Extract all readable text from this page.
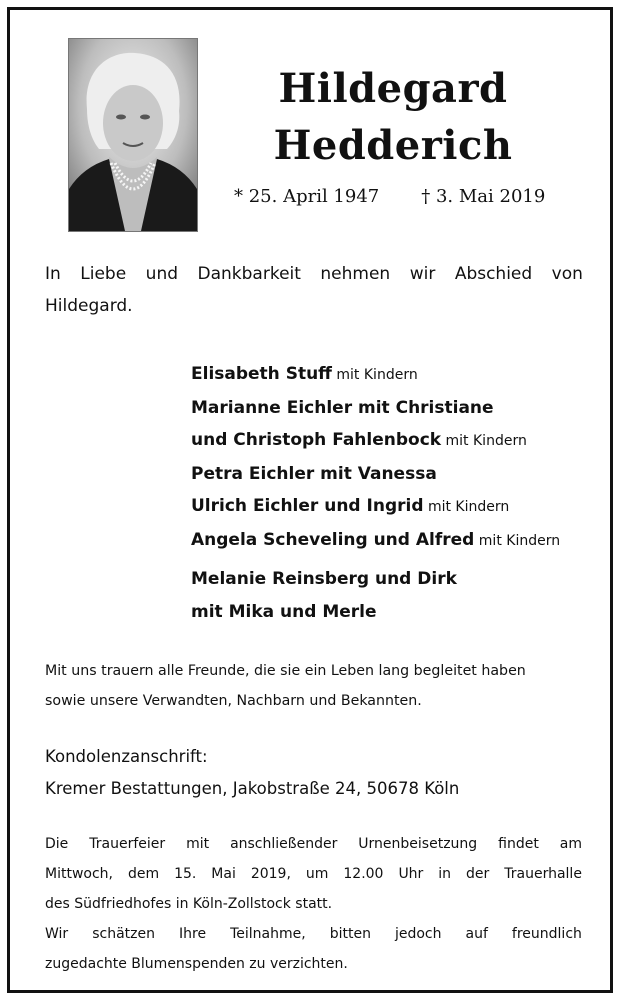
Hildegard
Hedderich
* 25. April 1947 † 3. Mai 2019
In Liebe und Dankbarkeit nehmen wir Abschied von
Hildegard.
Elisabeth Stuff mit Kindern
Marianne Eichler mit Christiane
und Christoph Fahlenbock mit Kindern
Petra Eichler mit Vanessa
Ulrich Eichler und Ingrid mit Kindern
Angela Scheveling und Alfred mit Kindern
Melanie Reinsberg und Dirk
mit Mika und Merle
Mit uns trauern alle Freunde, die sie ein Leben lang begleitet haben
sowie unsere Verwandten, Nachbarn und Bekannten.
Kondolenzanschrift:
Kremer Bestattungen, Jakobstraße 24, 50678 Köln
Die Trauerfeier mit anschließender Urnenbeisetzung findet am
Mittwoch, dem 15. Mai 2019, um 12.00 Uhr in der Trauerhalle
des Südfriedhofes in Köln-Zollstock statt.
Wir schätzen Ihre Teilnahme, bitten jedoch auf freundlich
zugedachte Blumenspenden zu verzichten.
